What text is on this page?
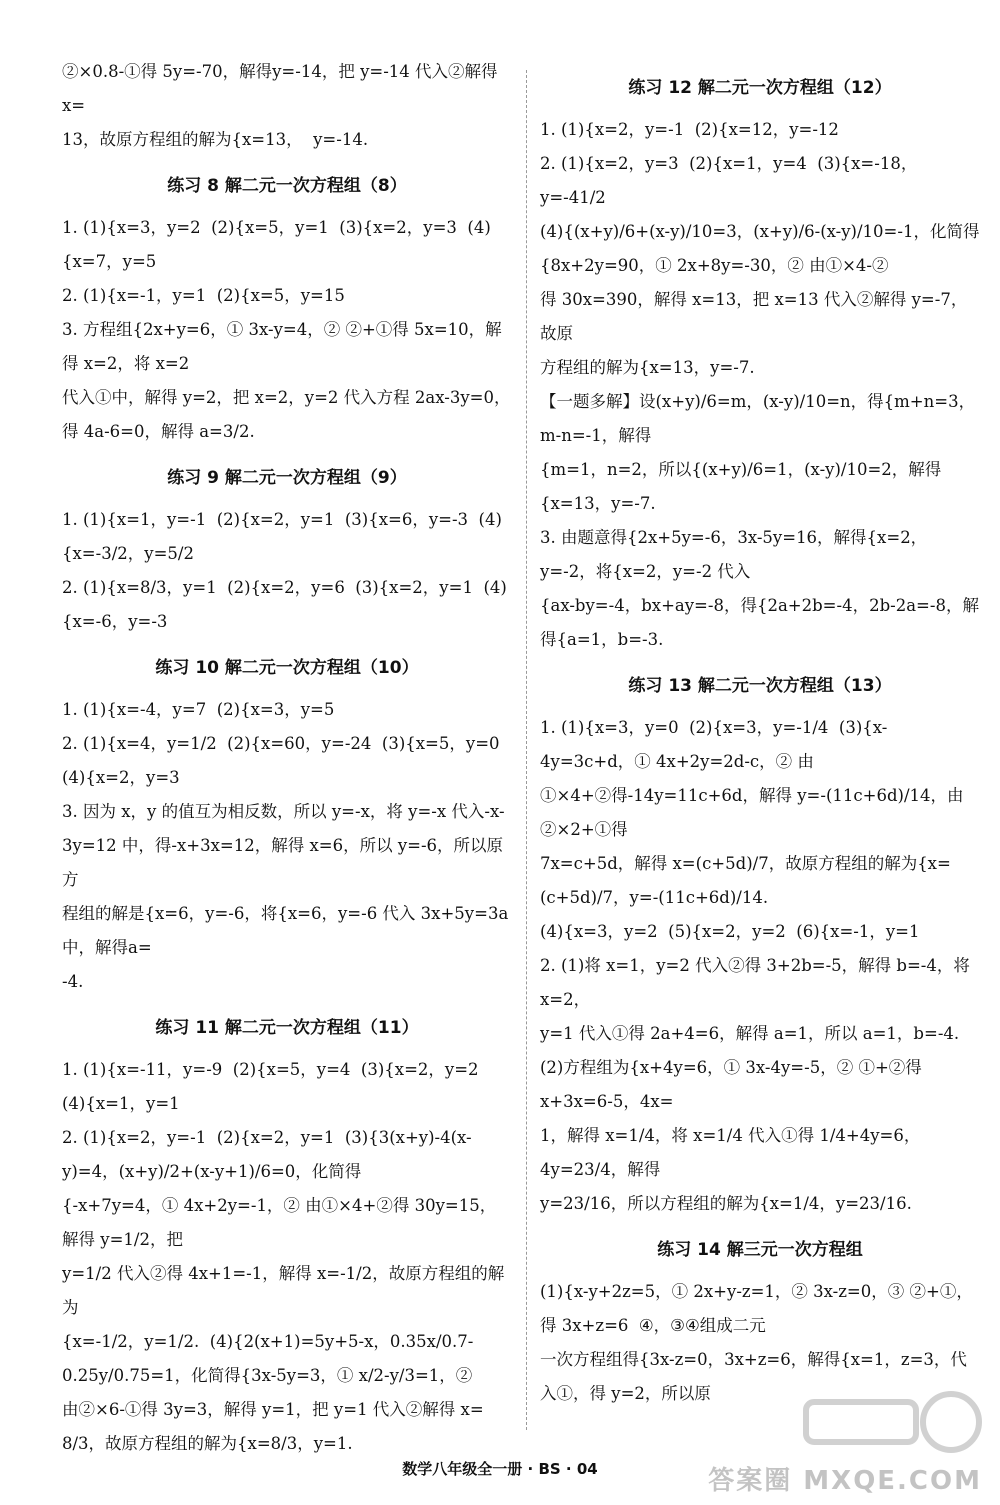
②×0.8-①得 5y=-70，解得y=-14，把 y=-14 代入②解得 x=

13，故原方程组的解为{x=13，  y=-14.

练习 8 解二元一次方程组（8）

1. (1){x=3，y=2  (2){x=5，y=1  (3){x=2，y=3  (4){x=7，y=5

2. (1){x=-1，y=1  (2){x=5，y=15

3. 方程组{2x+y=6，① 3x-y=4，② ②+①得 5x=10，解得 x=2，将 x=2

代入①中，解得 y=2，把 x=2，y=2 代入方程 2ax-3y=0，

得 4a-6=0，解得 a=3/2.

练习 9 解二元一次方程组（9）

1. (1){x=1，y=-1  (2){x=2，y=1  (3){x=6，y=-3  (4){x=-3/2，y=5/2

2. (1){x=8/3，y=1  (2){x=2，y=6  (3){x=2，y=1  (4){x=-6，y=-3

练习 10 解二元一次方程组（10）

1. (1){x=-4，y=7  (2){x=3，y=5

2. (1){x=4，y=1/2  (2){x=60，y=-24  (3){x=5，y=0  (4){x=2，y=3

3. 因为 x，y 的值互为相反数，所以 y=-x，将 y=-x 代入-x-

3y=12 中，得-x+3x=12，解得 x=6，所以 y=-6，所以原方

程组的解是{x=6，y=-6，将{x=6，y=-6 代入 3x+5y=3a 中，解得a=

-4.

练习 11 解二元一次方程组（11）

1. (1){x=-11，y=-9  (2){x=5，y=4  (3){x=2，y=2  (4){x=1，y=1

2. (1){x=2，y=-1  (2){x=2，y=1  (3){3(x+y)-4(x-y)=4，(x+y)/2+(x-y+1)/6=0，化简得

{-x+7y=4，① 4x+2y=-1，② 由①×4+②得 30y=15，解得 y=1/2，把

y=1/2 代入②得 4x+1=-1，解得 x=-1/2，故原方程组的解为

{x=-1/2，y=1/2.  (4){2(x+1)=5y+5-x，0.35x/0.7-0.25y/0.75=1，化简得{3x-5y=3，① x/2-y/3=1，②

由②×6-①得 3y=3，解得 y=1，把 y=1 代入②解得 x=

8/3，故原方程组的解为{x=8/3，y=1.

练习 12 解二元一次方程组（12）

1. (1){x=2，y=-1  (2){x=12，y=-12

2. (1){x=2，y=3  (2){x=1，y=4  (3){x=-18，y=-41/2

(4){(x+y)/6+(x-y)/10=3，(x+y)/6-(x-y)/10=-1，化简得{8x+2y=90，① 2x+8y=-30，② 由①×4-②

得 30x=390，解得 x=13，把 x=13 代入②解得 y=-7，故原

方程组的解为{x=13，y=-7.

【一题多解】设(x+y)/6=m，(x-y)/10=n，得{m+n=3，m-n=-1，解得

{m=1，n=2，所以{(x+y)/6=1，(x-y)/10=2，解得{x=13，y=-7.

3. 由题意得{2x+5y=-6，3x-5y=16，解得{x=2，y=-2，将{x=2，y=-2 代入

{ax-by=-4，bx+ay=-8，得{2a+2b=-4，2b-2a=-8，解得{a=1，b=-3.

练习 13 解二元一次方程组（13）

1. (1){x=3，y=0  (2){x=3，y=-1/4  (3){x-4y=3c+d，① 4x+2y=2d-c，② 由

①×4+②得-14y=11c+6d，解得 y=-(11c+6d)/14，由②×2+①得

7x=c+5d，解得 x=(c+5d)/7，故原方程组的解为{x=(c+5d)/7，y=-(11c+6d)/14.

(4){x=3，y=2  (5){x=2，y=2  (6){x=-1，y=1

2. (1)将 x=1，y=2 代入②得 3+2b=-5，解得 b=-4，将 x=2，

y=1 代入①得 2a+4=6，解得 a=1，所以 a=1，b=-4.

(2)方程组为{x+4y=6，① 3x-4y=-5，② ①+②得 x+3x=6-5，4x=

1，解得 x=1/4，将 x=1/4 代入①得 1/4+4y=6，4y=23/4，解得

y=23/16，所以方程组的解为{x=1/4，y=23/16.

练习 14 解三元一次方程组

(1){x-y+2z=5，① 2x+y-z=1，② 3x-z=0，③ ②+①，得 3x+z=6  ④，③④组成二元

一次方程组得{3x-z=0，3x+z=6，解得{x=1，z=3，代入①，得 y=2，所以原

数学八年级全一册 · BS · 04	答案圈 MXQE.COM
